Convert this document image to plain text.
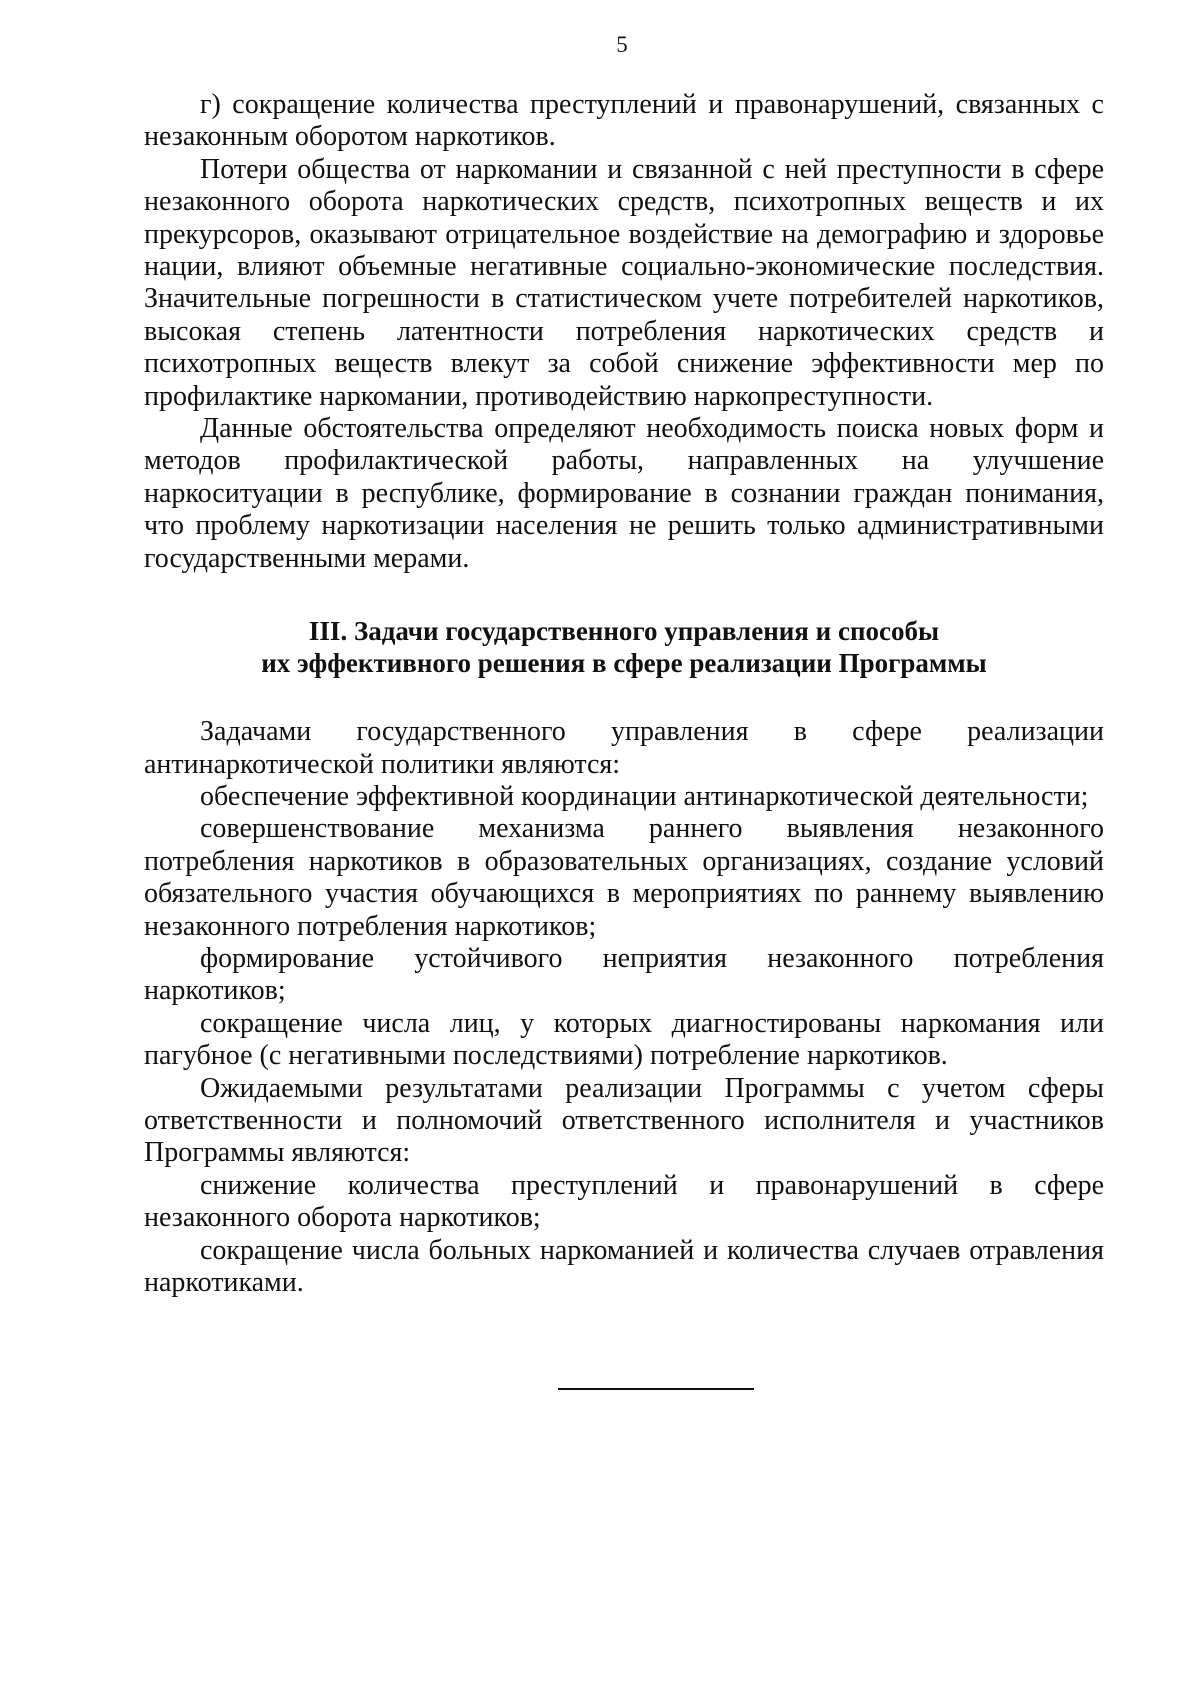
5

г) сокращение количества преступлений и правонарушений, связанных с незаконным оборотом наркотиков.

Потери общества от наркомании и связанной с ней преступности в сфере незаконного оборота наркотических средств, психотропных веществ и их прекурсоров, оказывают отрицательное воздействие на демографию и здоровье нации, влияют объемные негативные социально-экономические последствия. Значительные погрешности в статистическом учете потребителей наркотиков, высокая степень латентности потребления наркотических средств и психотропных веществ влекут за собой снижение эффективности мер по профилактике наркомании, противодействию наркопреступности.

Данные обстоятельства определяют необходимость поиска новых форм и методов профилактической работы, направленных на улучшение наркоситуации в республике, формирование в сознании граждан понимания, что проблему наркотизации населения не решить только административными государственными мерами.

III. Задачи государственного управления и способы
их эффективного решения в сфере реализации Программы

Задачами государственного управления в сфере реализации антинаркотической политики являются:

обеспечение эффективной координации антинаркотической деятельности;

совершенствование механизма раннего выявления незаконного потребления наркотиков в образовательных организациях, создание условий обязательного участия обучающихся в мероприятиях по раннему выявлению незаконного потребления наркотиков;

формирование устойчивого неприятия незаконного потребления наркотиков;

сокращение числа лиц, у которых диагностированы наркомания или пагубное (с негативными последствиями) потребление наркотиков.

Ожидаемыми результатами реализации Программы с учетом сферы ответственности и полномочий ответственного исполнителя и участников Программы являются:

снижение количества преступлений и правонарушений в сфере незаконного оборота наркотиков;

сокращение числа больных наркоманией и количества случаев отравления наркотиками.
